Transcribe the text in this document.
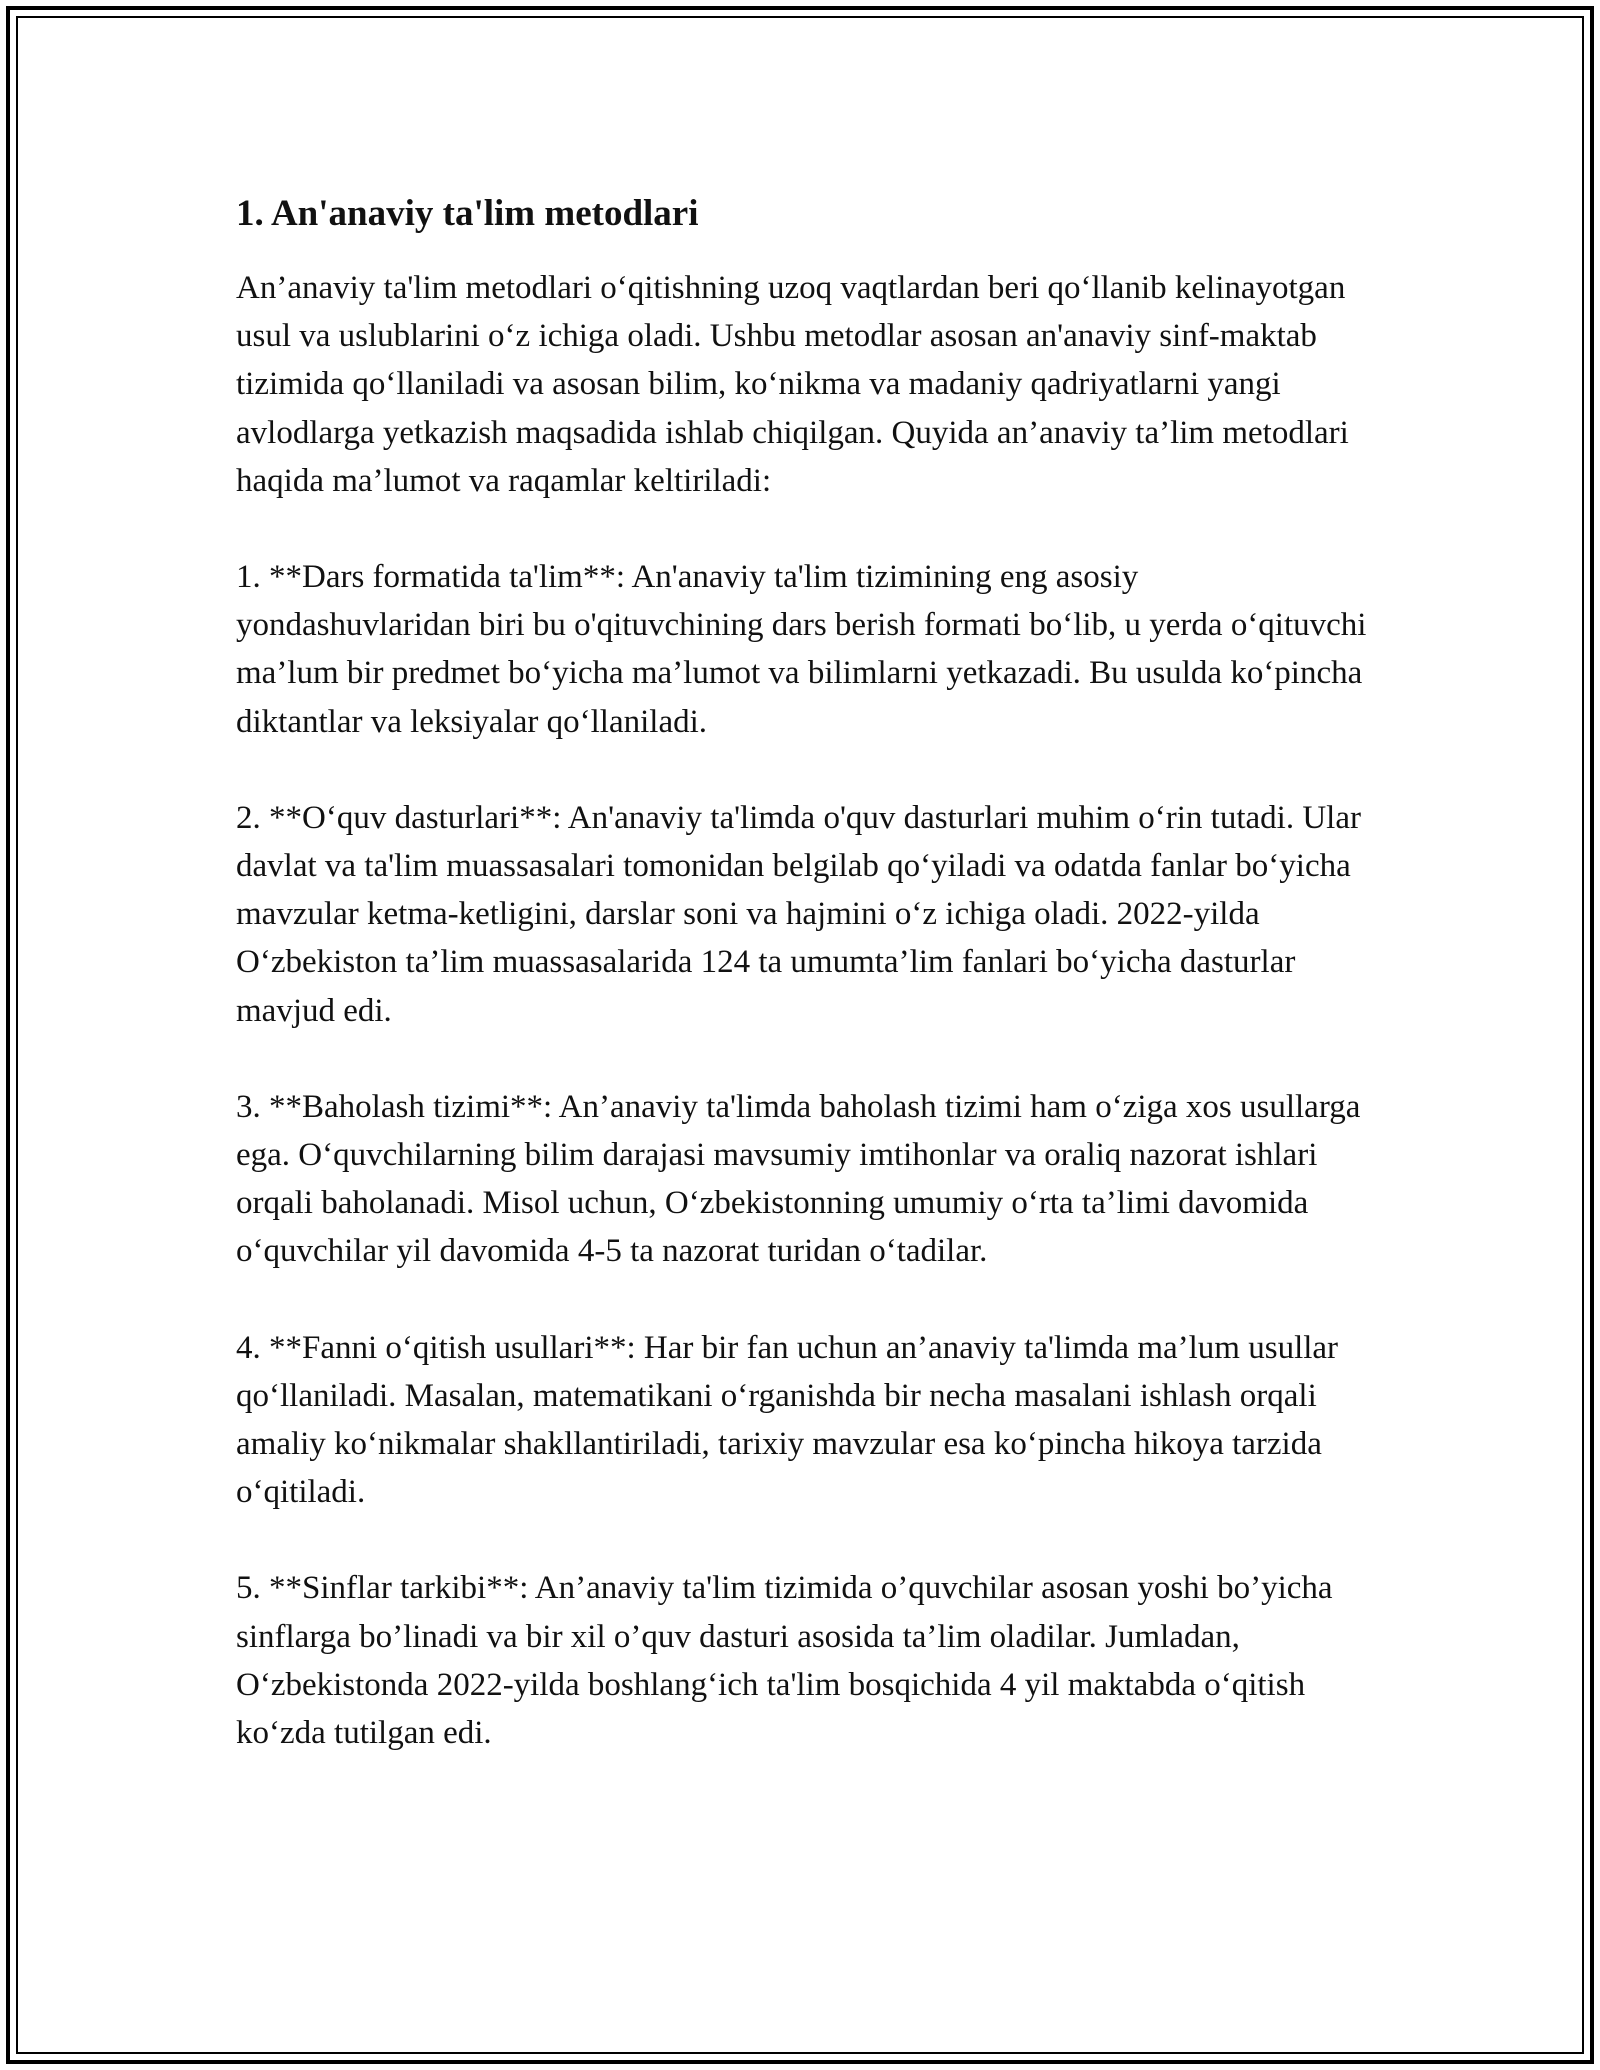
1. An'anaviy ta'lim metodlari

An’anaviy ta'lim metodlari o‘qitishning uzoq vaqtlardan beri qo‘llanib kelinayotgan usul va uslublarini o‘z ichiga oladi. Ushbu metodlar asosan an'anaviy sinf-maktab tizimida qo‘llaniladi va asosan bilim, ko‘nikma va madaniy qadriyatlarni yangi avlodlarga yetkazish maqsadida ishlab chiqilgan. Quyida an’anaviy ta’lim metodlari haqida ma’lumot va raqamlar keltiriladi:

1. **Dars formatida ta'lim**: An'anaviy ta'lim tizimining eng asosiy yondashuvlaridan biri bu o'qituvchining dars berish formati bo‘lib, u yerda o‘qituvchi ma’lum bir predmet bo‘yicha ma’lumot va bilimlarni yetkazadi. Bu usulda ko‘pincha diktantlar va leksiyalar qo‘llaniladi.

2. **O‘quv dasturlari**: An'anaviy ta'limda o'quv dasturlari muhim o‘rin tutadi. Ular davlat va ta'lim muassasalari tomonidan belgilab qo‘yiladi va odatda fanlar bo‘yicha mavzular ketma-ketligini, darslar soni va hajmini o‘z ichiga oladi. 2022-yilda O‘zbekiston ta’lim muassasalarida 124 ta umumta’lim fanlari bo‘yicha dasturlar mavjud edi.

3. **Baholash tizimi**: An’anaviy ta'limda baholash tizimi ham o‘ziga xos usullarga ega. O‘quvchilarning bilim darajasi mavsumiy imtihonlar va oraliq nazorat ishlari orqali baholanadi. Misol uchun, O‘zbekistonning umumiy o‘rta ta’limi davomida o‘quvchilar yil davomida 4-5 ta nazorat turidan o‘tadilar.

4. **Fanni o‘qitish usullari**: Har bir fan uchun an’anaviy ta'limda ma’lum usullar qo‘llaniladi. Masalan, matematikani o‘rganishda bir necha masalani ishlash orqali amaliy ko‘nikmalar shakllantiriladi, tarixiy mavzular esa ko‘pincha hikoya tarzida o‘qitiladi.

5. **Sinflar tarkibi**: An’anaviy ta'lim tizimida o’quvchilar asosan yoshi bo’yicha sinflarga bo’linadi va bir xil o’quv dasturi asosida ta’lim oladilar. Jumladan, O‘zbekistonda 2022-yilda boshlang‘ich ta'lim bosqichida 4 yil maktabda o‘qitish ko‘zda tutilgan edi.
